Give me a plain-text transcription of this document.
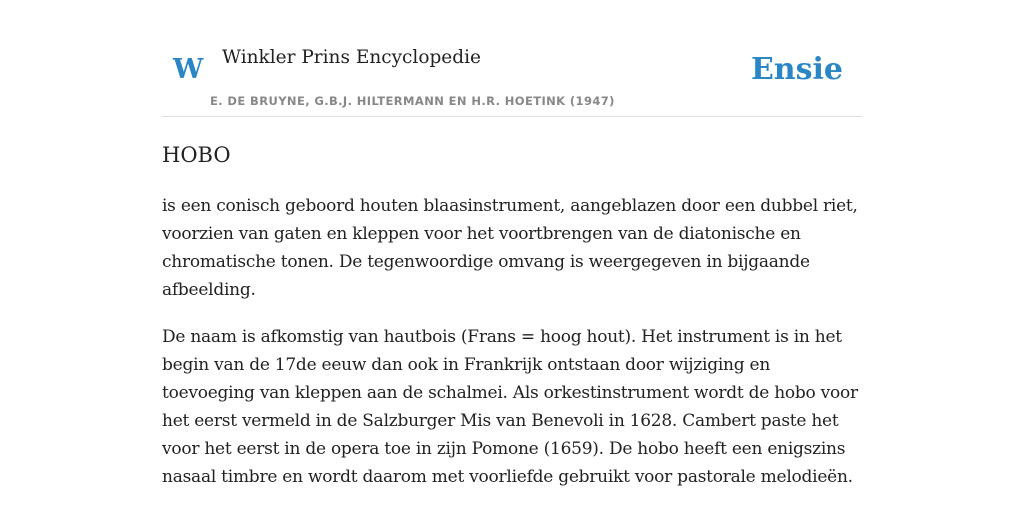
W Winkler Prins Encyclopedie
E. DE BRUYNE, G.B.J. HILTERMANN EN H.R. HOETINK (1947)
Ensie
HOBO

is een conisch geboord houten blaasinstrument, aangeblazen door een dubbel riet, voorzien van gaten en kleppen voor het voortbrengen van de diatonische en chromatische tonen. De tegenwoordige omvang is weergegeven in bijgaande afbeelding.

De naam is afkomstig van hautbois (Frans = hoog hout). Het instrument is in het begin van de 17de eeuw dan ook in Frankrijk ontstaan door wijziging en toevoeging van kleppen aan de schalmei. Als orkestinstrument wordt de hobo voor het eerst vermeld in de Salzburger Mis van Benevoli in 1628. Cambert paste het voor het eerst in de opera toe in zijn Pomone (1659). De hobo heeft een enigszins nasaal timbre en wordt daarom met voorliefde gebruikt voor pastorale melodieën.
